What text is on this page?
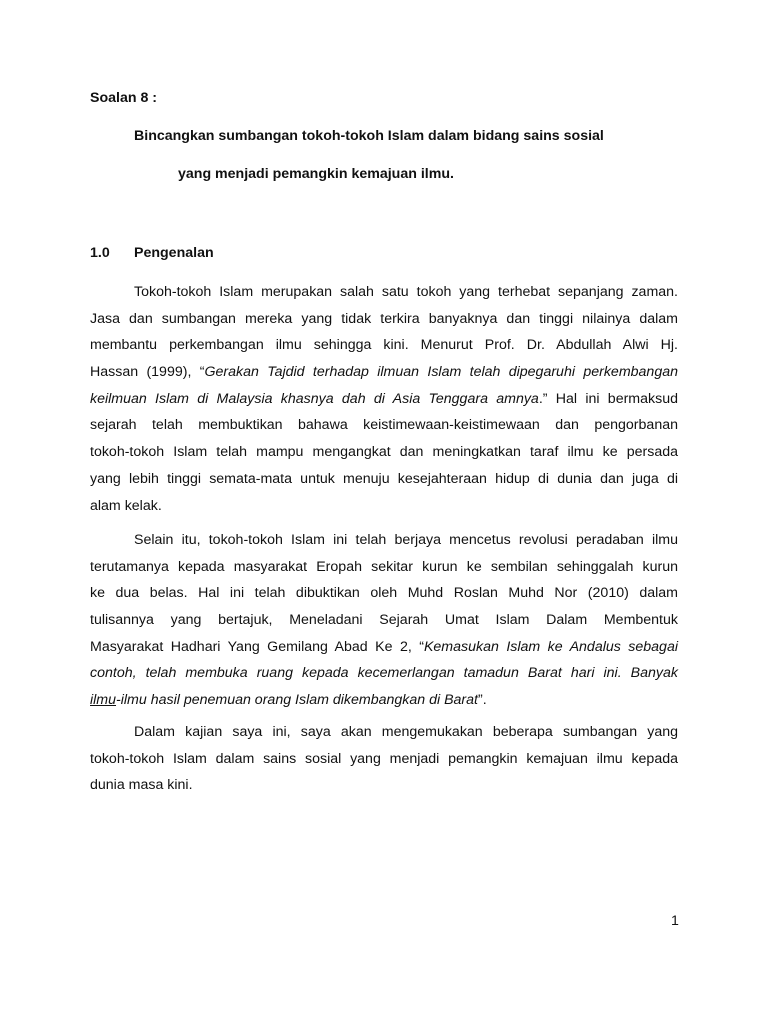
Soalan 8 :
Bincangkan sumbangan tokoh-tokoh Islam dalam bidang sains sosial
yang menjadi pemangkin kemajuan ilmu.
1.0 Pengenalan
Tokoh-tokoh Islam merupakan salah satu tokoh yang terhebat sepanjang zaman.
Jasa dan sumbangan mereka yang tidak terkira banyaknya dan tinggi nilainya dalam
membantu perkembangan ilmu sehingga kini. Menurut Prof. Dr. Abdullah Alwi Hj.
Hassan (1999), “Gerakan Tajdid terhadap ilmuan Islam telah dipegaruhi perkembangan
keilmuan Islam di Malaysia khasnya dah di Asia Tenggara amnya.” Hal ini bermaksud
sejarah telah membuktikan bahawa keistimewaan-keistimewaan dan pengorbanan
tokoh-tokoh Islam telah mampu mengangkat dan meningkatkan taraf ilmu ke persada
yang lebih tinggi semata-mata untuk menuju kesejahteraan hidup di dunia dan juga di
alam kelak.
Selain itu, tokoh-tokoh Islam ini telah berjaya mencetus revolusi peradaban ilmu
terutamanya kepada masyarakat Eropah sekitar kurun ke sembilan sehinggalah kurun
ke dua belas. Hal ini telah dibuktikan oleh Muhd Roslan Muhd Nor (2010) dalam
tulisannya yang bertajuk, Meneladani Sejarah Umat Islam Dalam Membentuk
Masyarakat Hadhari Yang Gemilang Abad Ke 2, “Kemasukan Islam ke Andalus sebagai
contoh, telah membuka ruang kepada kecemerlangan tamadun Barat hari ini. Banyak
ilmu-ilmu hasil penemuan orang Islam dikembangkan di Barat”.
Dalam kajian saya ini, saya akan mengemukakan beberapa sumbangan yang
tokoh-tokoh Islam dalam sains sosial yang menjadi pemangkin kemajuan ilmu kepada
dunia masa kini.
1
